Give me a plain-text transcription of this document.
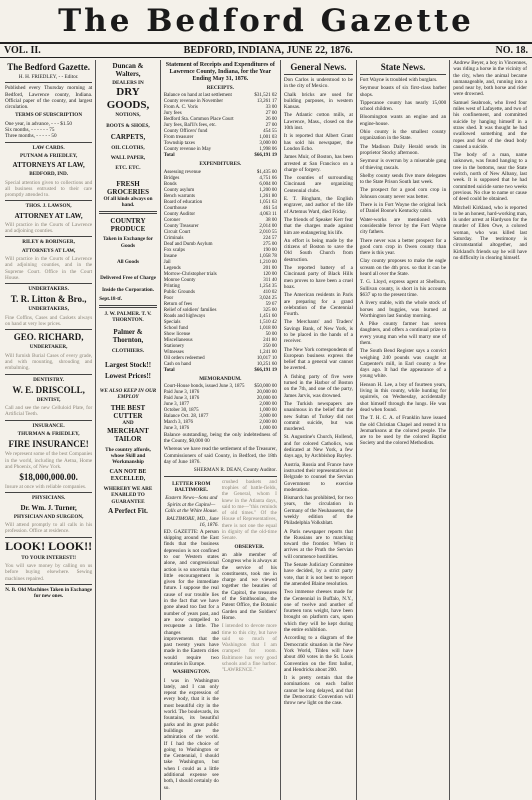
The Bedford Gazette
VOL. II.	BEDFORD, INDIANA, JUNE 22, 1876.	NO. 18.
The Bedford Gazette.
H. H. FRIEDLEY, - - Editor.

Published every Thursday morning at Bedford, Lawrence county, Indiana. Official paper of the county, and largest circulation.

TERMS OF SUBSCRIPTION
One year, in advance, - - - $1.50
Six months, - - - - - - 75
Three months, - - - - - 50
LAW CARDS.
PUTNAM & FRIEDLEY,
ATTORNEYS AT LAW,
BEDFORD, IND.

Special attention given to collections and all business entrusted to their care promptly attended to.

THOS. J. LAWSON,
ATTORNEY AT LAW,

Will practice in the Courts of Lawrence and adjoining counties.

RILEY & BORINGER,
ATTORNEYS AT LAW,

Will practice in the Courts of Lawrence and adjoining counties, and in the Supreme Court. Office in the Court House.

UNDERTAKERS.
T. R. Litton & Bro.,
UNDERTAKERS,

Fine Coffins, Cases and Caskets always on hand at very low prices.

GEO. RICHARD,
UNDERTAKER,

Will furnish Burial Cases of every grade, and with mounting, shrouding and embalming.

DENTISTRY.
W. E. DRISCOLL,
DENTIST,

Call and see the new Celluloid Plate, for Artificial Teeth.

INSURANCE.
THURMAN & FRIEDLEY,
FIRE INSURANCE!

We represent some of the best Companies in the world, including the Aetna, Home and Phoenix, of New York.

$18,000,000.00.

Insure at once with reliable companies.

PHYSICIANS.
Dr. Wm. J. Turner,
PHYSICIAN AND SURGEON,

Will attend promptly to all calls in his profession. Office at residence.

LOOK! LOOK!!
TO YOUR INTEREST!!

You will save money by calling on us before buying elsewhere. Sewing machines repaired.

N. B. Old Machines Taken in Exchange for new ones.
Duncan & Walters,
DEALERS IN
DRY GOODS,
NOTIONS,
BOOTS & SHOES,
CARPETS,
OIL CLOTHS,
WALL PAPER,
ETC. ETC.
FRESH GROCERIES
Of all kinds always on hand.
COUNTRY PRODUCE
Taken in Exchange for Goods
All Goods
Delivered Free of Charge
Inside the Corporation.
Sept.18-tf.
J. W. PALMER. T. V. THORNTON.
Palmer & Thornton,
CLOTHIERS.
Largest Stock!!
Lowest Prices!!
WE ALSO KEEP IN OUR EMPLOY
THE BEST CUTTER
AND
MERCHANT TAILOR
The country affords, whose Skill and Workmanship
CAN NOT BE EXCELLED,
WHEREBY WE ARE ENABLED TO GUARANTEE
A Perfect Fit.
Statement of Receipts and Expenditures of Lawrence County, Indiana, for the Year Ending May 31, 1876.
RECEIPTS.
Balance on hand at last settlement	$31,521 02
County revenue in November	13,261 17
From A. C. Voris	33 00
Jury fees	27 00
Bedford Sta. Common Place Court	26 00
Jury fees, Bal'll's fees, etc.	27 00
County Officers' fund	454 55
From treasurer	1,001 03
Township taxes	3,000 00
County revenue in May	1,998 06
Total	$66,191 19
EXPENDITURES.
Assessing revenue	$1,435 00
Bridges	4,751 66
Bonds	6,004 00
County asylum	1,200 00
Bench warrants	1,261 80
Board of education	1,051 63
Courthouse	461 54
County Auditor	4,063 11
Coroner	38 00
County Treasurer	2,014 00
Circuit Court	2,010 55
Criminals	224 57
Deaf and Dumb Asylum	275 00
Fox scalps	190 00
Insane	1,058 78
Jail	1,210 00
Legends	201 00
Morrow-Christopher trials	120 00
Monroe County	311 40
Printing	1,254 35
Public Grounds	410 02
Poor	3,024 25
Return of fees	59 67
Relief of soldiers' families	325 00
Roads and highways	1,451 60
Specials	1,510 42
School fund	1,018 00
Show license	50 00
Miscellaneous	241 80
Stationery	250 00
Witnesses	1,241 00
Oil orders redeemed	10,017 10
Cash on hand	10,251 60
Total	$66,191 19
MEMORANDUM.
Court-House bonds, issued June 3, 1875 $50,000 00
Paid June 3, 1876	20,000 00
Paid June 3, 1876	20,000 00
June 3, 1877	2,000 00
October 30, 1875	1,000 00
Balance Oct. 28, 1877	3,000 00
March 3, 1876	2,000 00
June 3, 1876	1,000 00

Balance outstanding, being the only indebtedness of the County, $0,000 00

Whereas we have read the settlement of the Treasurer, Commissioners of said County, in Bedford, the 18th day of June 1876.

SHERMAN R. DEAN, County Auditor.
LETTER FROM BALTIMORE.
Eastern News—Sons and Spirits at the Capitol—Calls at the White House.
BALTIMORE, MD., June 16, 1876.

ED. GAZETTE: A person skipping around the East finds that the business depression is not confined to our Western states alone, and congressional action is so uncertain that little encouragement is given for the immediate future. I suppose the real cause of our trouble lies in the fact that we have gone ahead too fast for a number of years past, and are now compelled to recuperate a little. The changes and improvements that the past twenty years have made in the Eastern cities would require two centuries in Europe.

WASHINGTON.

I was in Washington lately, and I can only repeat the expression of every body, that it is the most beautiful city in the world. The boulevards, its fountains, its beautiful parks and its great public buildings are the admiration of the world. If I had the choice of going to Washington or the Centennial, I should take Washington, but when I could as a little additional expense see both, I should certainly do so.

crushed baskets and trophies of battle-fields, the General, whom I knew in the Atlanta days, said to me—"this reminds of old times." Of the House of Representatives, there is not one the equal in dignity of the old-time Senate.

OBSERVER.

an able member of Congress who is always at the service of his constituents, took me in charge and we viewed together the beauties of the Capitol, the treasures of the Smithsonian, the Patent Office, the Botanic Garden and the Soldiers' Home.

I intended to devote more time to this city, but have said so much of Washington that I am cramped for room. Baltimore has very good schools and a fine harbor. "LAWRENCE."

General News.

Don Carlos is understood to be in the city of Mexico.

Chalk bricks are used for building purposes, in western Kansas.

The Atlantic cotton mills, at Lawrence, Mass., closed on the 10th inst.

It is reported that Albert Grant has sold his newspaper, the London Echo.

James Muir, of Boston, has been arrested at San Francisco on a charge of forgery.

The counties of surrounding Cincinnati are organizing Centennial clubs.

E. T. Bingham, the English engraver, and author of the life of Artemus Ward, died Friday.

The friends of Speaker Kerr fear that the charges made against him are endangering his life.

An effort is being made by the citizens of Boston to save the Old South Church from destruction.

The reported battery of a Cincinnati party of Black Hills men proves to have been a cruel hoax.

The American residents in Paris are preparing for a grand celebration of the Centennial Fourth.

The Merchants' and Traders' Savings Bank, of New York, is to be placed in the hands of a receiver.

The New York correspondents of European business express the belief that a general war cannot be averted.

A fishing party of five were turned in the Harbor of Boston on the 7th, and one of the party, James Jarvis, was drowned.

The Turkish newspapers are unanimous in the belief that the new Sultan of Turkey did not commit suicide, but was murdered.

St. Augustine's Church, Hollend, and for colored Catholics, was dedicated at New York, a few days ago, by Archbishop Bayley.

Austria, Russia and France have instructed their representatives at Belgrade to counsel the Servian Government to exercise moderation.

Bismarck has prohibited, for two years, the circulation in Germany of the Neuhausemt, the weekly edition of the Philadelphia Volksblatt.

A Paris newspaper reports that the Russians are to marching toward the frontier. When it arrives at the Pruth the Servian will commence hostilities.

The Senate Judiciary Committee have decided, by a strict party vote, that it is not best to report the amended Blaine resolution.

Two immense cheeses made for the Centennial in Buffalo, N.Y., one of twelve and another of fourteen tons weight, have been brought on platform cars, upon which they will be kept during the entire exhibition.

According to a diagram of the Democratic situation in the New York World, Tilden will have about 460 votes in the St. Louis Convention on the first ballot, and Hendricks about 200.

It is pretty certain that the nominations on each ballot cannot be long delayed, and that the Democratic Convention will throw new light on the case.

State News.

Fort Wayne is troubled with burglars.

Seymour boasts of six first-class barber shops.

Tippecanoe county has nearly 15,000 school children.

Bloomington wants an engine and an engine-house.

Ohio county is the smallest county organization in the State.

The Madison Daily Herald sends its proprietor Stocky afternoon.

Seymour is overrun by a miserable gang of thieving rascals.

Shelby county sends five more delegates to the State Prison South last week.

The prospect for a good corn crop in Johnson county never was better.

There is in Fort Wayne the original lock of Daniel Boone's Kentucky cabin.

Water-works are mentioned with considerable fervor by the Fort Wayne city fathers.

There never was a better prospect for a good corn crop in Owen county than there is this year.

Clay county proposes to make the eagle scream on the 4th prox. so that it can be heard all over the State.

T. G. Lloyd, express agent at Shelburn, Sullivan county, is short in his accounts $637 up to the present time.

A livery stable, with the whole stock of horses and buggies, was burned at Worthington last Sunday morning.

A Pike county farmer has seven daughters, and offers a continual prize to every young man who will marry one of them.

The South Bend Register says a convict weighing 240 pounds was caught at Carpenter's mill, in Earl county a few days ago. It had the appearance of a young white.

Henson H. Lee, a boy of fourteen years, living in this county, while hunting for squirrels, on Wednesday, accidentally shot himself through the lungs. He was dead when found.

The T. H. C. A. of Franklin have issued the old Christian Chapel and rented it to Jenmarksons at the colored people. The are to be used by the colored Baptist Society and the colored Methodists.

Andrew Beyer, a boy in Vincennes, was riding a horse in the vicinity of the city, when the animal became unmanageable, and, running into a pond near by, both horse and rider were drowned.

Samuel Seabrook, who lived four miles west of Lafayette, and two of his confinement, and committed suicide by hanging himself in a straw shed. It was thought he had swallowed something and the ropes and fear of the dead body caused a suicide.

The body of a man, name unknown, was found hanging to a tree in the bottoms, near the State switch, north of New Albany, last week. It is supposed that he had committed suicide some two weeks previous. No clue to name or cause of deed could be obtained.

Mitchell Kirkland, who is reported to be an honest, hard-working man, is under arrest at Hardyson for the murder of Ellen Owe, a colored woman, who was killed last Saturday. The testimony is circumstantial altogether, and Kirkland's friends say he will have no difficulty in clearing himself.
